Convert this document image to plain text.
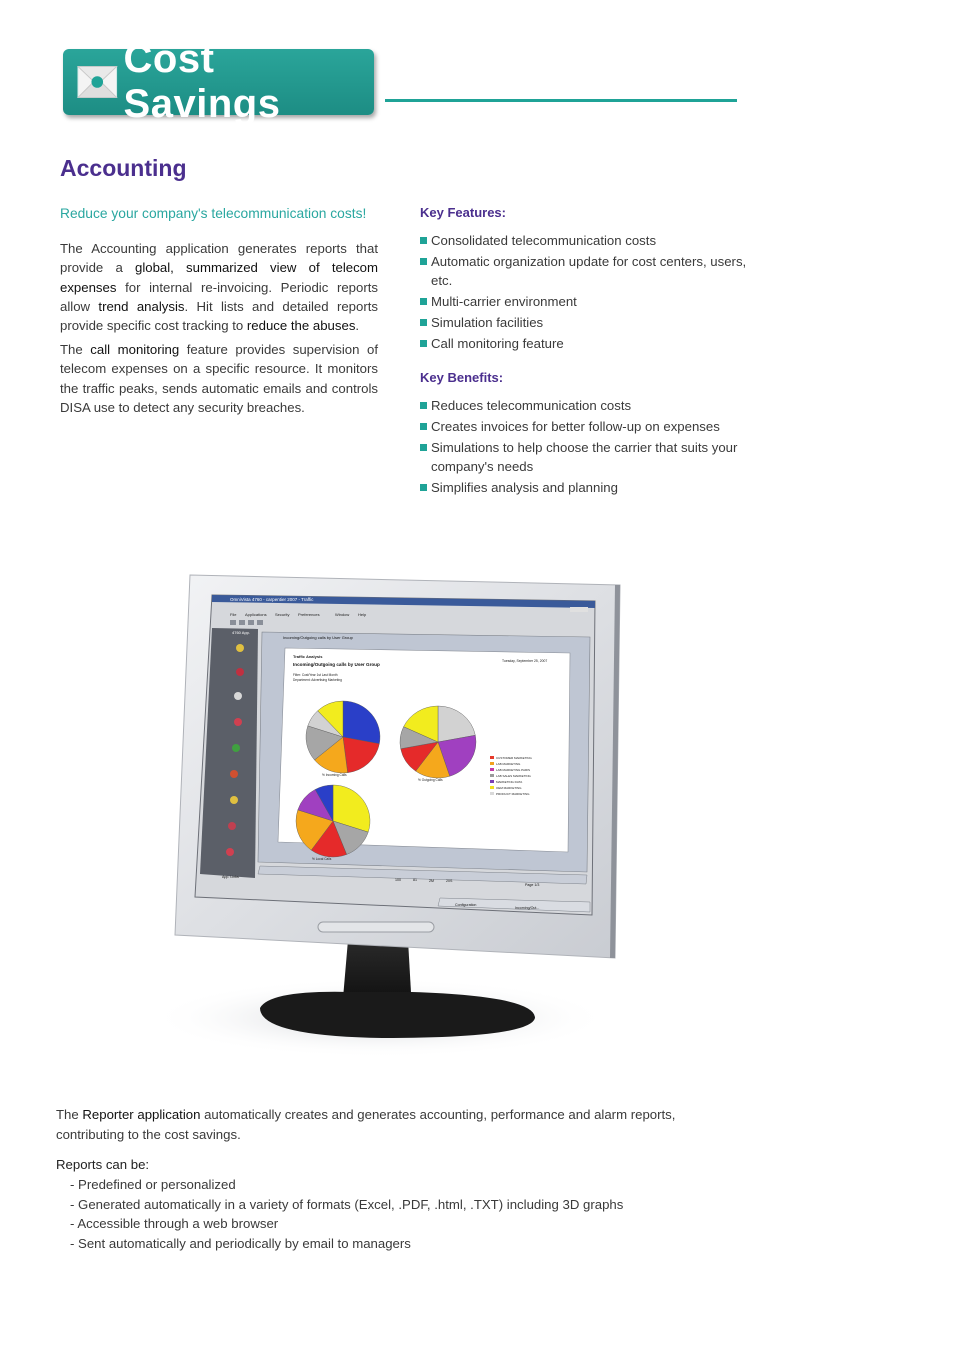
Cost Savings
Accounting

Reduce your company's telecommunication costs!

The Accounting application generates reports that provide a global, summarized view of telecom expenses for internal re-invoicing. Periodic reports allow trend analysis. Hit lists and detailed reports provide specific cost tracking to reduce the abuses.

The call monitoring feature provides supervision of telecom expenses on a specific resource. It monitors the traffic peaks, sends automatic emails and controls DISA use to detect any security breaches.

Key Features:

Consolidated telecommunication costs
Automatic organization update for cost centers, users, etc.
Multi-carrier environment
Simulation facilities
Call monitoring feature

Key Benefits:

Reduces telecommunication costs
Creates invoices for better follow-up on expenses
Simulations to help choose the carrier that suits your company's needs
Simplifies analysis and planning
OmniVista 4760 - carpentier 2007 - Traffic
File Applications Security Preferences	Window Help
4760 App.
App. Links
Incoming/Outgoing calls by User Group
Traffic Analysis
Incoming/Outgoing calls by User Group
Tuesday, September 25, 2007
Filter: Cost/Year 1st Last Month
Department: Advertising Marketing
% Incoming Calls
% Outgoing Calls
% Local Calls
CUSTOMER MARKETING
LAB MARKETING
LAB MARKETING PARIS
LAB SALES MARKETING
MARKETING DATA
OEM MARKETING
PRODUCT MARKETING
100	81	2M	20S
Page 1/3
Configuration
Incoming/Out...

The Reporter application automatically creates and generates accounting, performance and alarm reports, contributing to the cost savings.

Reports can be:

- Predefined or personalized
- Generated automatically in a variety of formats (Excel, .PDF, .html, .TXT) including 3D graphs
- Accessible through a web browser
- Sent automatically and periodically by email to managers
